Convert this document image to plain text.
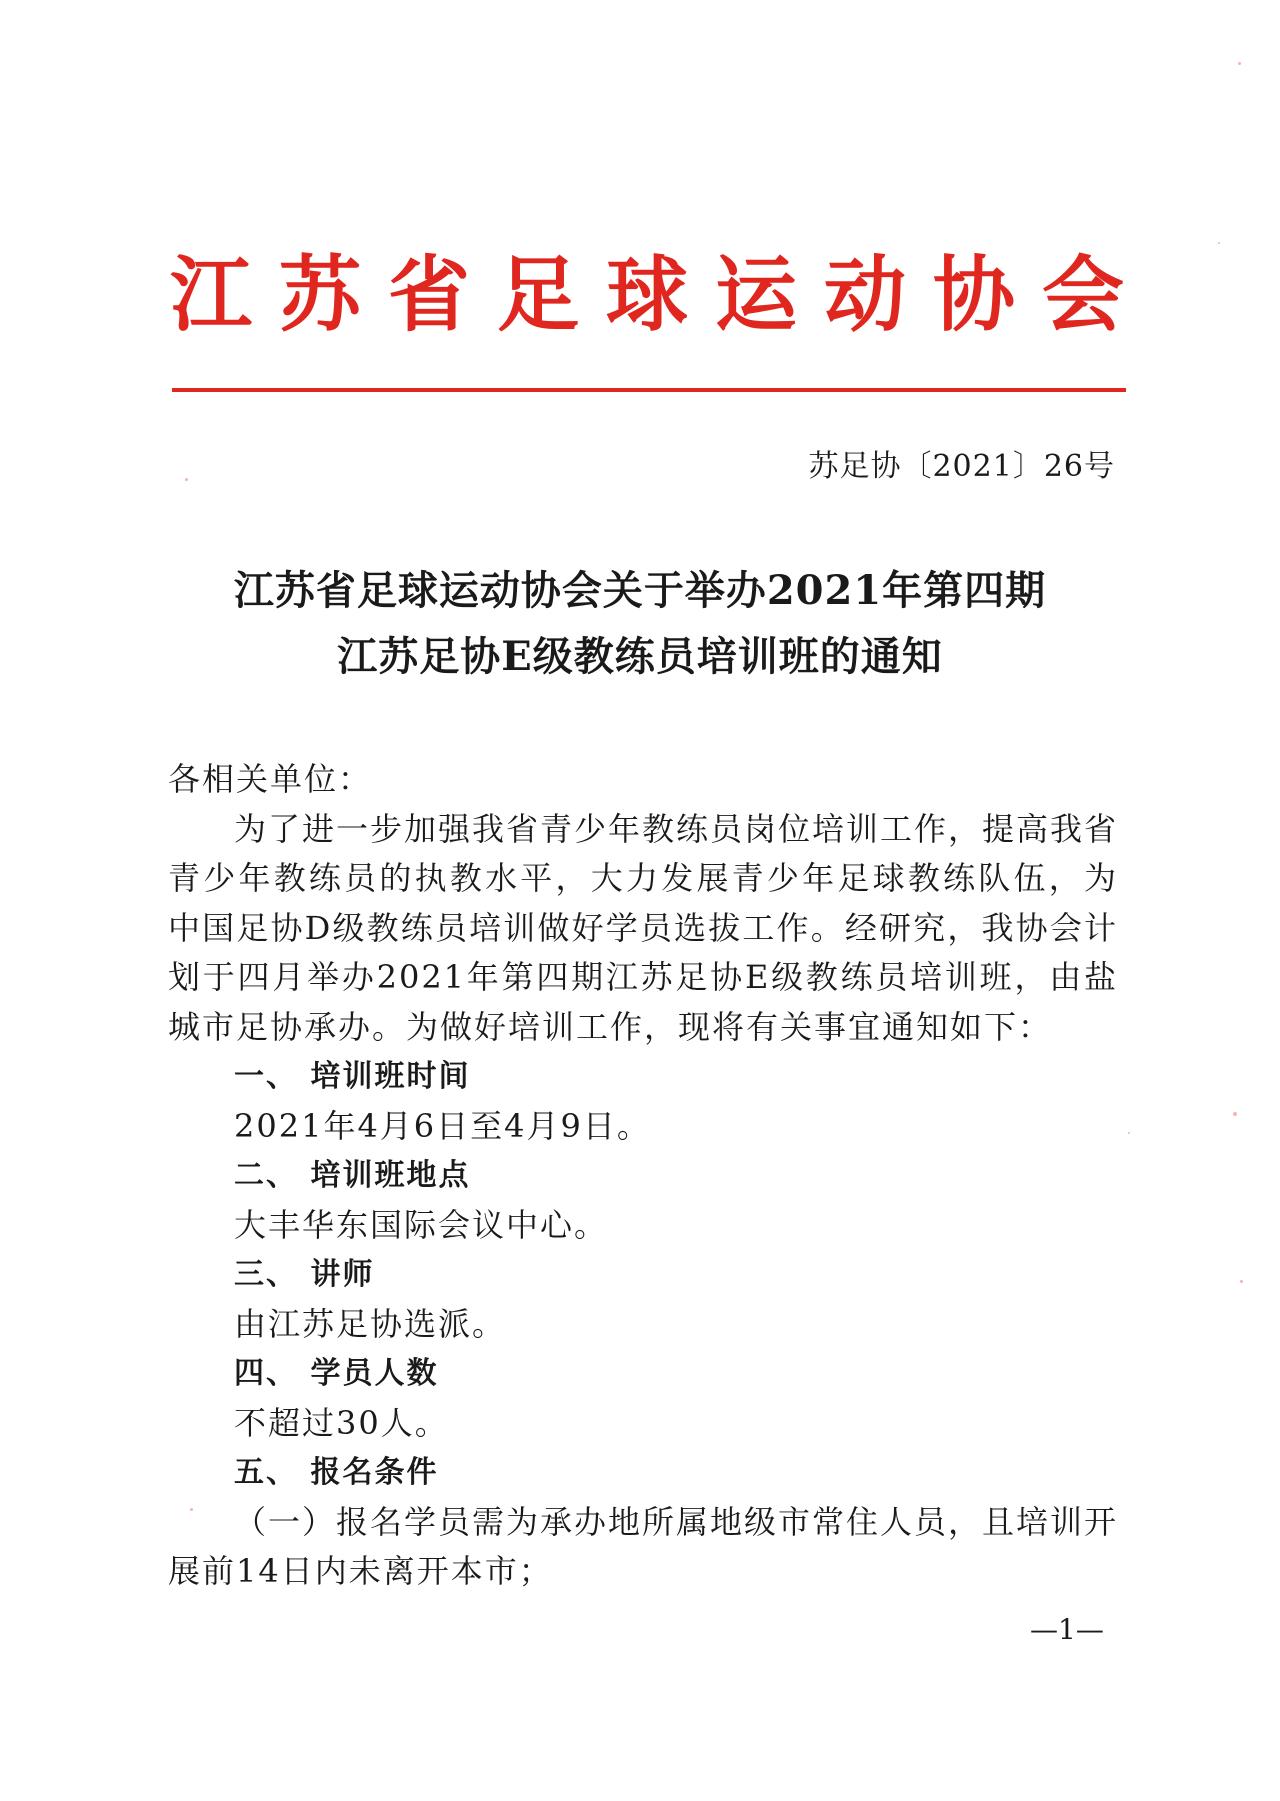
江苏省足球运动协会
苏足协〔2021〕26号
江苏省足球运动协会关于举办2021年第四期
江苏足协E级教练员培训班的通知

各相关单位：

为了进一步加强我省青少年教练员岗位培训工作，提高我省青少年教练员的执教水平，大力发展青少年足球教练队伍，为中国足协D级教练员培训做好学员选拔工作。经研究，我协会计划于四月举办2021年第四期江苏足协E级教练员培训班，由盐城市足协承办。为做好培训工作，现将有关事宜通知如下：

一、 培训班时间

2021年4月6日至4月9日。

二、 培训班地点

大丰华东国际会议中心。

三、 讲师

由江苏足协选派。

四、 学员人数

不超过30人。

五、 报名条件

（一）报名学员需为承办地所属地级市常住人员，且培训开展前14日内未离开本市；

—1—
